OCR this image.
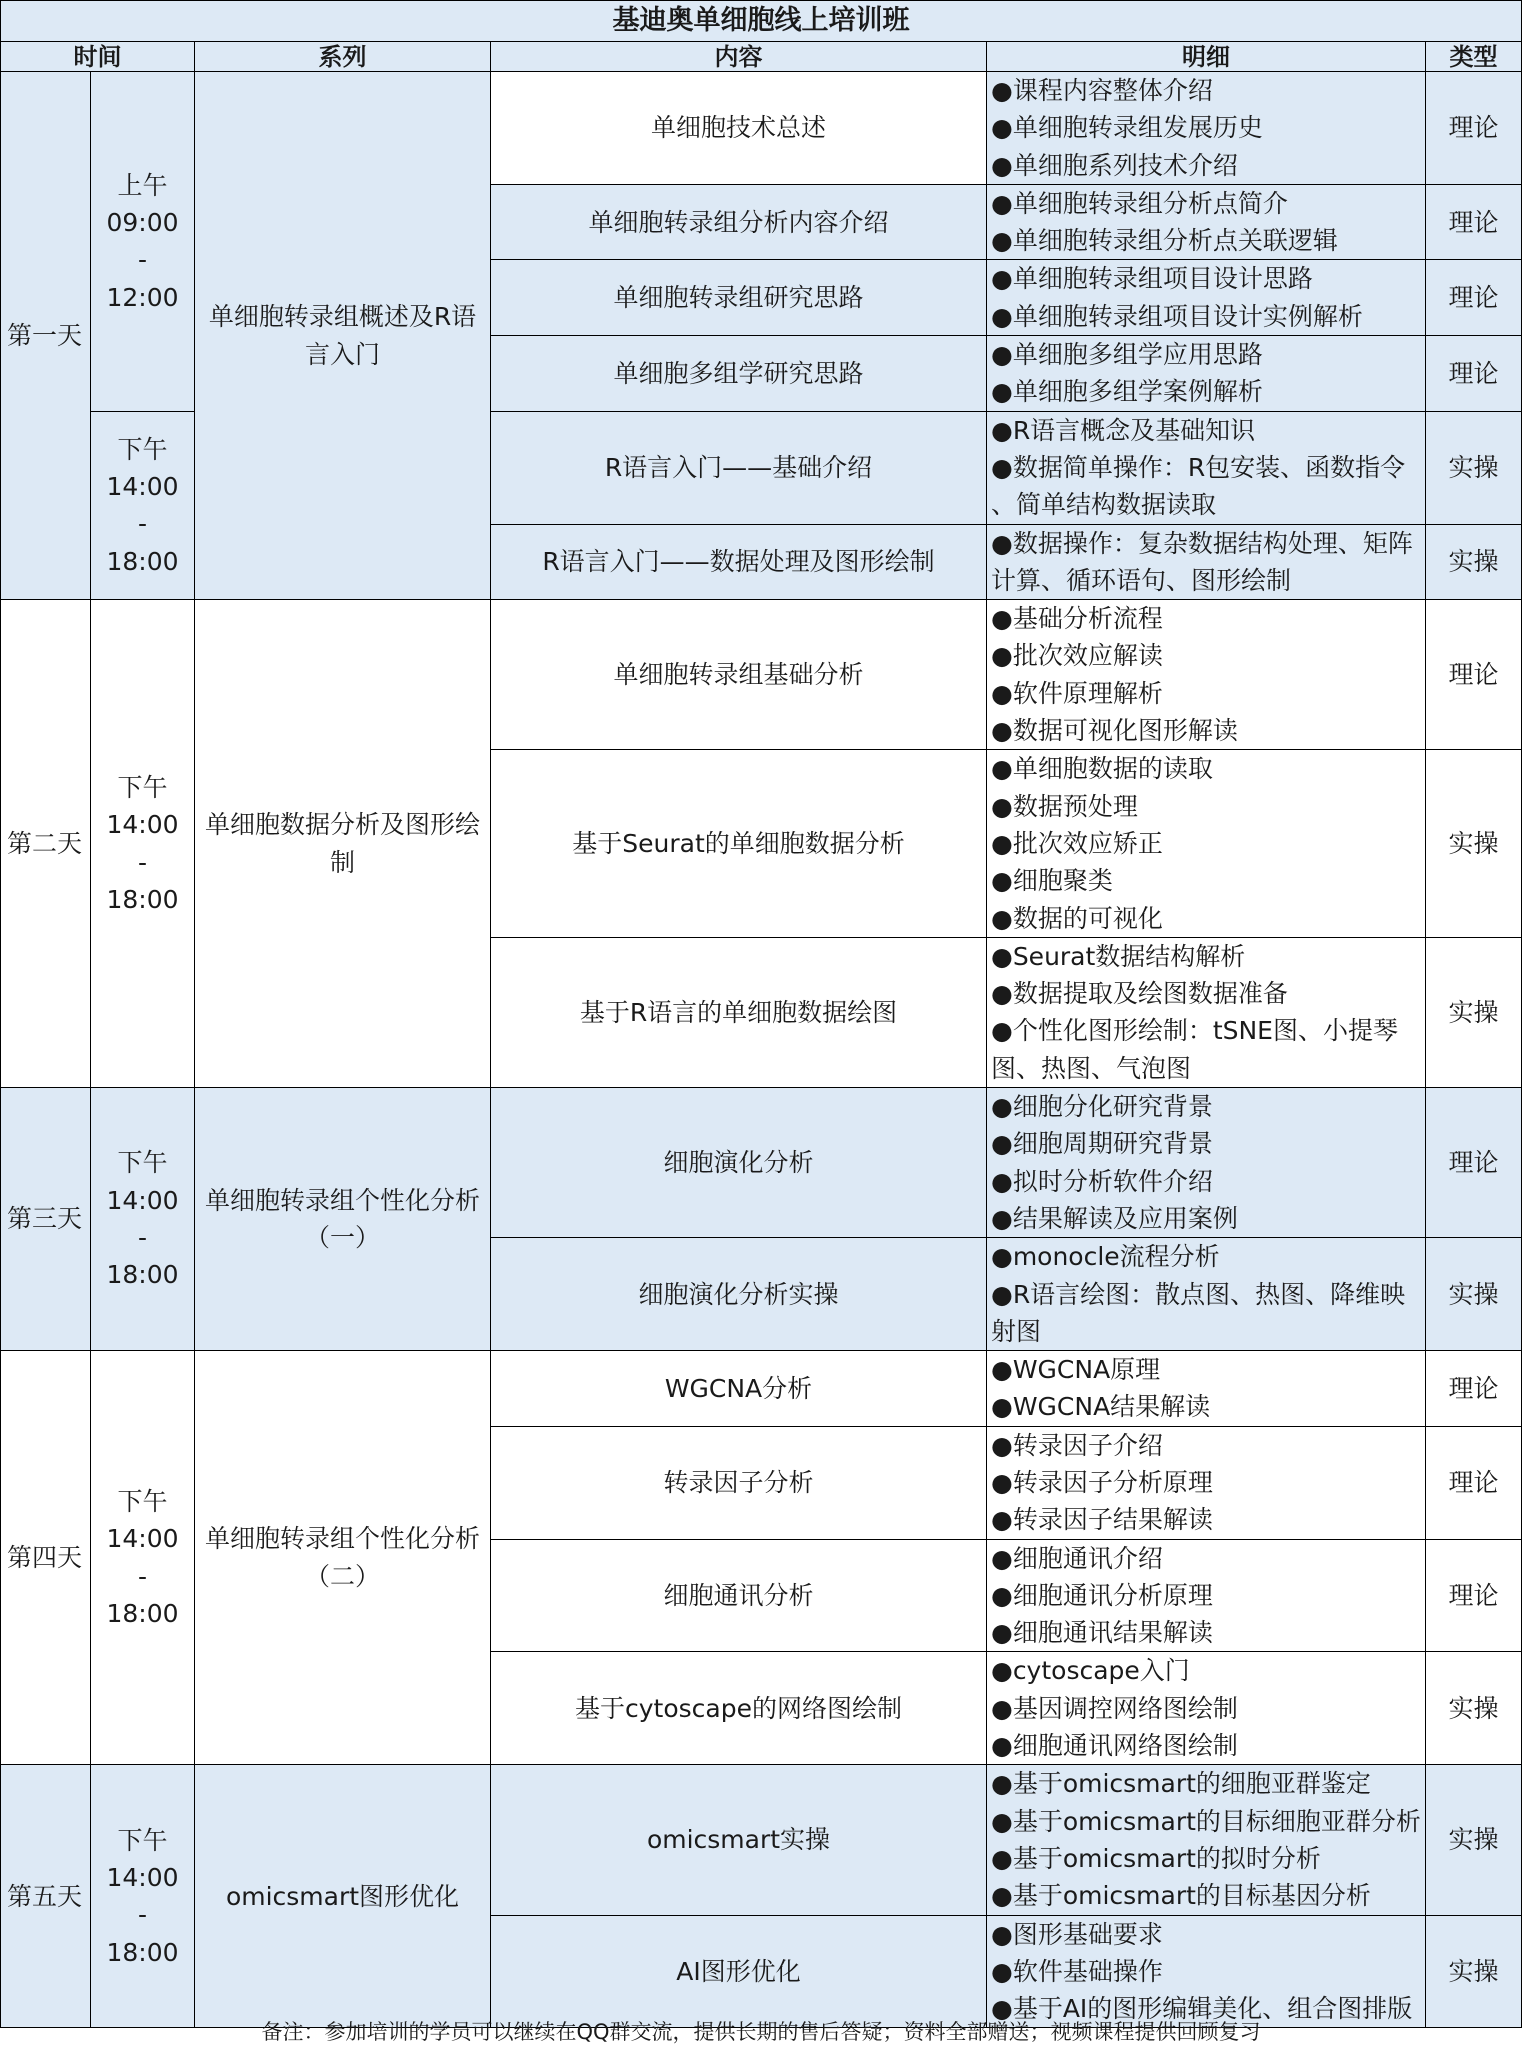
基迪奥单细胞线上培训班					
时间		系列	内容	明细	类型
第一天	上午
09:00
-
12:00	单细胞转录组概述及R语言入门	单细胞技术总述	●课程内容整体介绍
●单细胞转录组发展历史
●单细胞系列技术介绍	理论
			单细胞转录组分析内容介绍	●单细胞转录组分析点简介
●单细胞转录组分析点关联逻辑	理论
			单细胞转录组研究思路	●单细胞转录组项目设计思路
●单细胞转录组项目设计实例解析	理论
			单细胞多组学研究思路	●单细胞多组学应用思路
●单细胞多组学案例解析	理论

	下午
14:00
-
18:00		R语言入门——基础介绍	●R语言概念及基础知识
●数据简单操作：R包安装、函数指令
、简单结构数据读取	实操
			R语言入门——数据处理及图形绘制	●数据操作：复杂数据结构处理、矩阵
计算、循环语句、图形绘制	实操
第二天	下午
14:00
-
18:00	单细胞数据分析及图形绘制	单细胞转录组基础分析	●基础分析流程
●批次效应解读
●软件原理解析
●数据可视化图形解读	理论
			基于Seurat的单细胞数据分析	●单细胞数据的读取
●数据预处理
●批次效应矫正
●细胞聚类
●数据的可视化	实操
			基于R语言的单细胞数据绘图	●Seurat数据结构解析
●数据提取及绘图数据准备
●个性化图形绘制：tSNE图、小提琴
图、热图、气泡图	实操
第三天	下午
14:00
-
18:00	单细胞转录组个性化分析（一）	细胞演化分析	●细胞分化研究背景
●细胞周期研究背景
●拟时分析软件介绍
●结果解读及应用案例	理论
			细胞演化分析实操	●monocle流程分析
●R语言绘图：散点图、热图、降维映
射图	实操
第四天	下午
14:00
-
18:00	单细胞转录组个性化分析（二）	WGCNA分析	●WGCNA原理
●WGCNA结果解读	理论
			转录因子分析	●转录因子介绍
●转录因子分析原理
●转录因子结果解读	理论
			细胞通讯分析	●细胞通讯介绍
●细胞通讯分析原理
●细胞通讯结果解读	理论
			基于cytoscape的网络图绘制	●cytoscape入门
●基因调控网络图绘制
●细胞通讯网络图绘制	实操
第五天	下午
14:00
-
18:00	omicsmart图形优化	omicsmart实操	●基于omicsmart的细胞亚群鉴定
●基于omicsmart的目标细胞亚群分析
●基于omicsmart的拟时分析
●基于omicsmart的目标基因分析	实操
			AI图形优化	●图形基础要求
●软件基础操作
●基于AI的图形编辑美化、组合图排版	实操
备注：参加培训的学员可以继续在QQ群交流，提供长期的售后答疑；资料全部赠送；视频课程提供回顾复习
